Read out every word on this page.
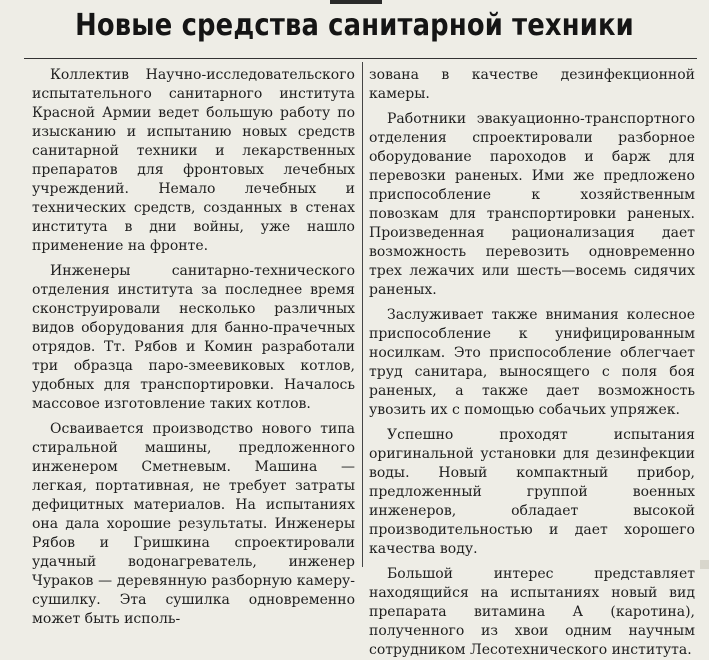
Новые средства санитарной техники

Коллектив Научно-исследовательского испытательного санитарного института Красной Армии ведет большую работу по изысканию и испытанию новых средств санитарной техники и лекарственных препаратов для фронтовых лечебных учреждений. Немало лечебных и технических средств, созданных в стенах института в дни войны, уже нашло применение на фронте.

Инженеры санитарно-технического отделения института за последнее время сконструировали несколько различных видов оборудования для банно-прачечных отрядов. Тт. Рябов и Комин разработали три образца паро-змеевиковых котлов, удобных для транспортировки. Началось массовое изготовление таких котлов.

Осваивается производство нового типа стиральной машины, предложенного инженером Сметневым. Машина — легкая, портативная, не требует затраты дефицитных материалов. На испытаниях она дала хорошие результаты. Инженеры Рябов и Гришкина спроектировали удачный водонагреватель, инженер Чураков — деревянную разборную камеру-сушилку. Эта сушилка одновременно может быть исполь-

зована в качестве дезинфекционной камеры.

Работники эвакуационно-транспортного отделения спроектировали разборное оборудование пароходов и барж для перевозки раненых. Ими же предложено приспособление к хозяйственным повозкам для транспортировки раненых. Произведенная рационализация дает возможность перевозить одновременно трех лежачих или шесть—восемь сидячих раненых.

Заслуживает также внимания колесное приспособление к унифицированным носилкам. Это приспособление облегчает труд санитара, выносящего с поля боя раненых, а также дает возможность увозить их с помощью собачьих упряжек.

Успешно проходят испытания оригинальной установки для дезинфекции воды. Новый компактный прибор, предложенный группой военных инженеров, обладает высокой производительностью и дает хорошего качества воду.

Большой интерес представляет находящийся на испытаниях новый вид препарата витамина А (каротина), полученного из хвои одним научным сотрудником Лесотехнического института.
